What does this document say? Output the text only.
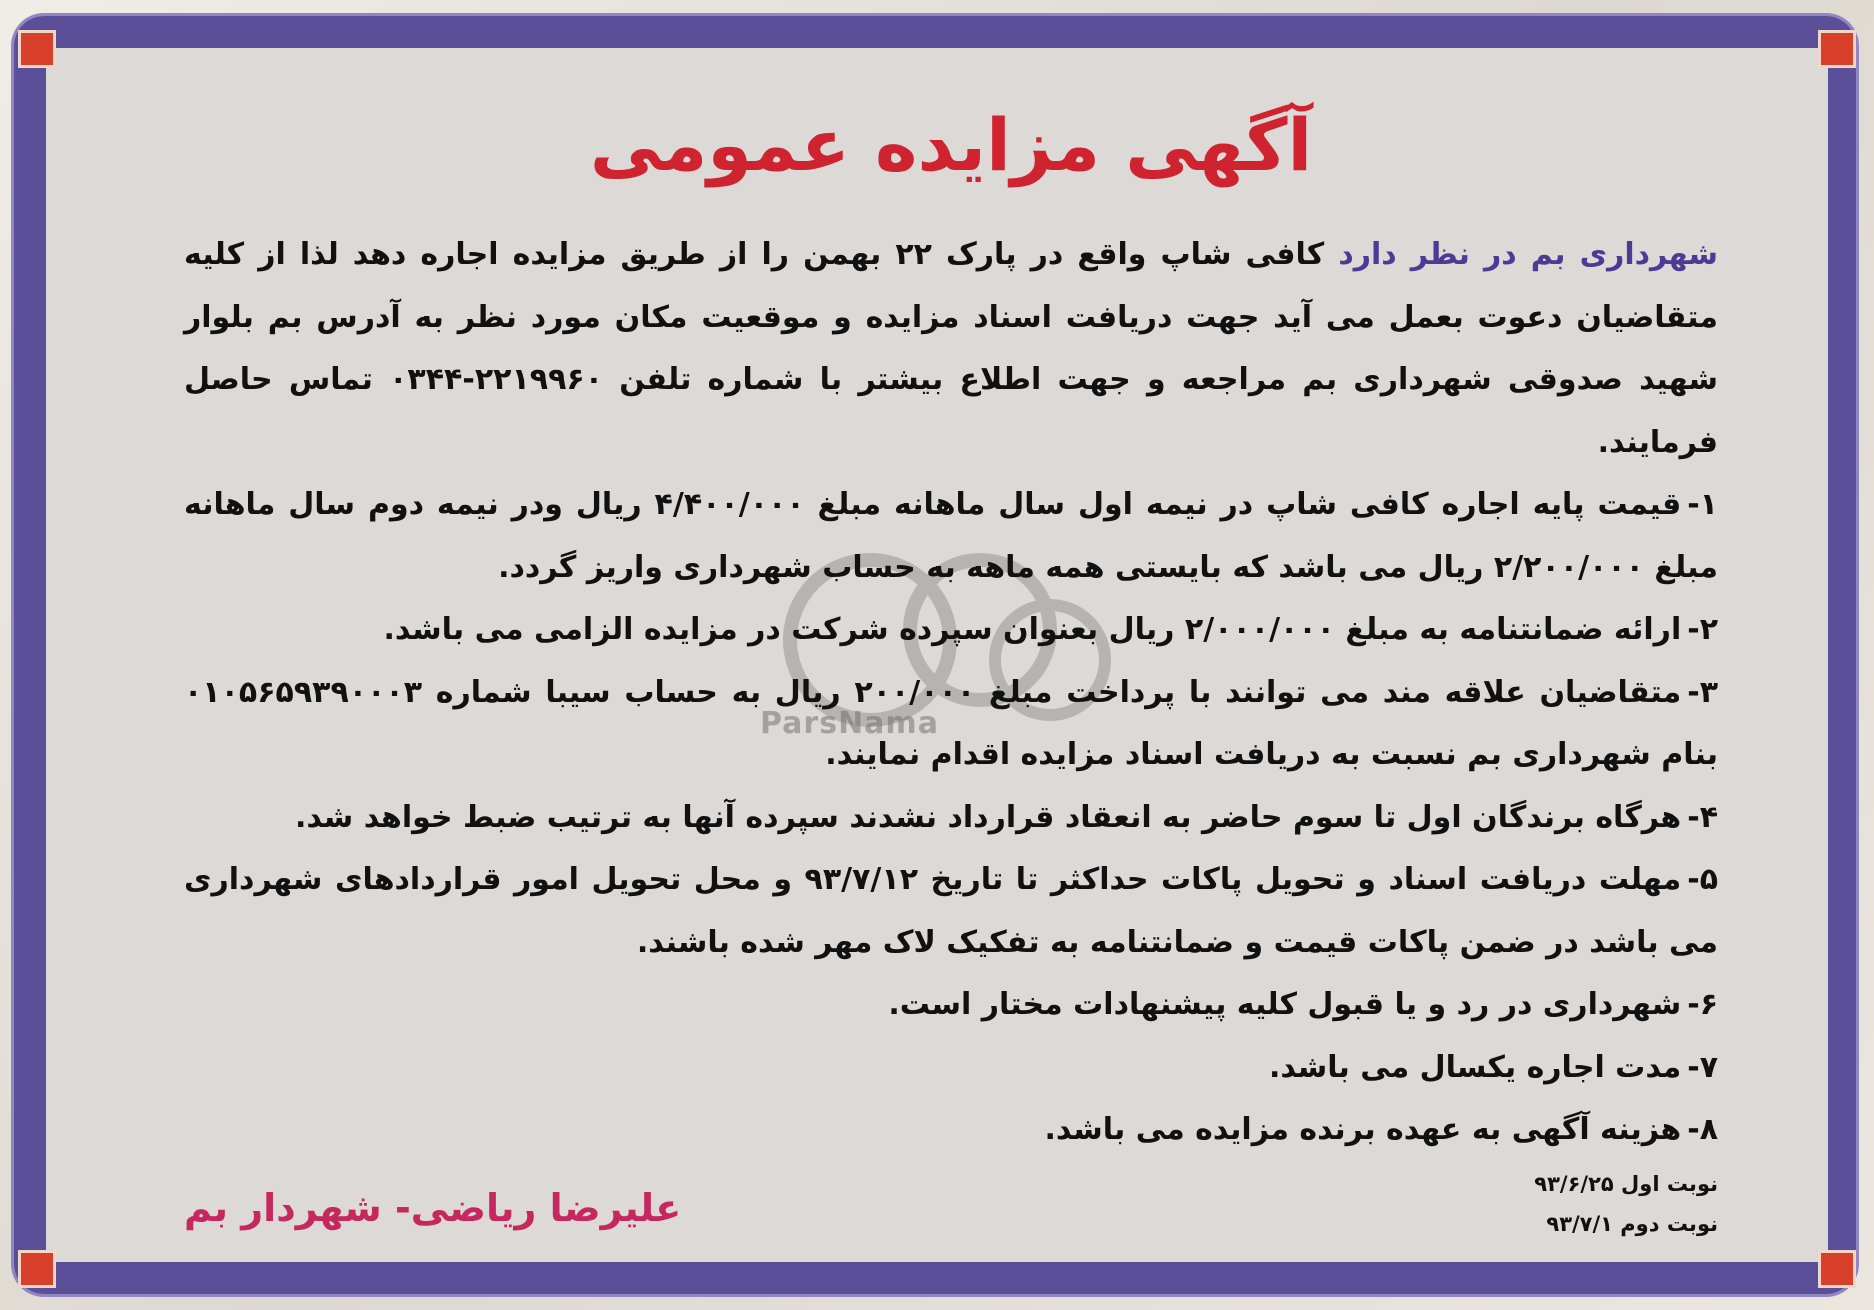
ParsNama
آگهی مزایده عمومی

شهرداری بم در نظر دارد کافی شاپ واقع در پارک ۲۲ بهمن را از طریق مزایده اجاره دهد لذا از کلیه متقاضیان دعوت بعمل می آید جهت دریافت اسناد مزایده و موقعیت مکان مورد نظر به آدرس بم بلوار شهید صدوقی شهرداری بم مراجعه و جهت اطلاع بیشتر با شماره تلفن ۲۲۱۹۹۶۰-۰۳۴۴ تماس حاصل فرمایند.

۱-قیمت پایه اجاره کافی شاپ در نیمه اول سال ماهانه مبلغ ۴/۴۰۰/۰۰۰ ریال ودر نیمه دوم سال ماهانه مبلغ ۲/۲۰۰/۰۰۰ ریال می باشد که بایستی همه ماهه به حساب شهرداری واریز گردد.

۲-ارائه ضمانتنامه به مبلغ ۲/۰۰۰/۰۰۰ ریال بعنوان سپرده شرکت در مزایده الزامی می باشد.

۳-متقاضیان علاقه مند می توانند با پرداخت مبلغ ۲۰۰/۰۰۰ ریال به حساب سیبا شماره ۰۱۰۵۶۵۹۳۹۰۰۰۳ بنام شهرداری بم نسبت به دریافت اسناد مزایده اقدام نمایند.

۴-هرگاه برندگان اول تا سوم حاضر به انعقاد قرارداد نشدند سپرده آنها به ترتیب ضبط خواهد شد.

۵-مهلت دریافت اسناد و تحویل پاکات حداکثر تا تاریخ ۹۳/۷/۱۲ و محل تحویل امور قراردادهای شهرداری می باشد در ضمن پاکات قیمت و ضمانتنامه به تفکیک لاک مهر شده باشند.

۶-شهرداری در رد و یا قبول کلیه پیشنهادات مختار است.

۷-مدت اجاره یکسال می باشد.

۸-هزینه آگهی به عهده برنده مزایده می باشد.

نوبت اول ۹۳/۶/۲۵
نوبت دوم ۹۳/۷/۱
علیرضا ریاضی- شهردار بم
